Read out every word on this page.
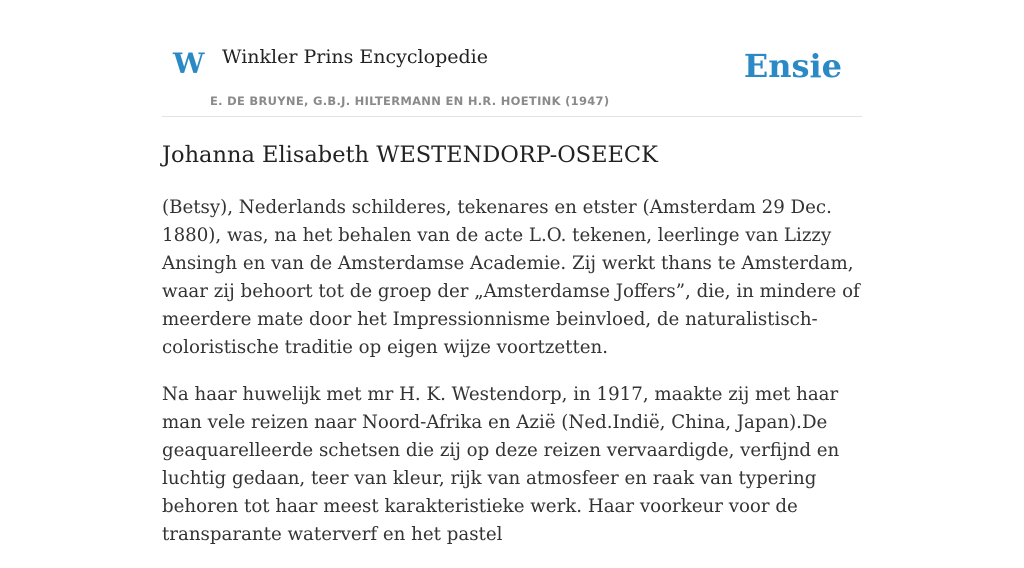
W Winkler Prins Encyclopedie
E. DE BRUYNE, G.B.J. HILTERMANN EN H.R. HOETINK (1947)
Ensie
Johanna Elisabeth WESTENDORP-OSEECK

(Betsy), Nederlands schilderes, tekenares en etster (Amsterdam 29 Dec. 1880), was, na het behalen van de acte L.O. tekenen, leerlinge van Lizzy Ansingh en van de Amsterdamse Academie. Zij werkt thans te Amsterdam, waar zij behoort tot de groep der „Amsterdamse Joffers”, die, in mindere of meerdere mate door het Impressionnisme beinvloed, de naturalistisch-coloristische traditie op eigen wijze voortzetten.

Na haar huwelijk met mr H. K. Westendorp, in 1917, maakte zij met haar man vele reizen naar Noord-Afrika en Azië (Ned.Indië, China, Japan).De geaquarelleerde schetsen die zij op deze reizen vervaardigde, verfijnd en luchtig gedaan, teer van kleur, rijk van atmosfeer en raak van typering behoren tot haar meest karakteristieke werk. Haar voorkeur voor de transparante waterverf en het pastel
